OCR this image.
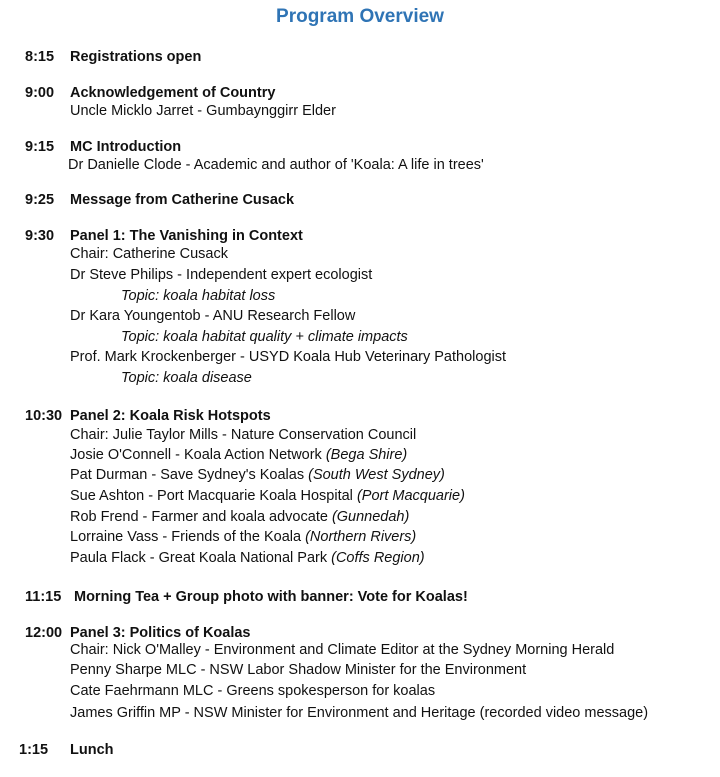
Program Overview
8:15 Registrations open
9:00 Acknowledgement of Country
Uncle Micklo Jarret - Gumbaynggirr Elder
9:15 MC Introduction
Dr Danielle Clode - Academic and author of 'Koala: A life in trees'
9:25 Message from Catherine Cusack
9:30 Panel 1: The Vanishing in Context
Chair: Catherine Cusack
Dr Steve Philips - Independent expert ecologist
Topic: koala habitat loss
Dr Kara Youngentob - ANU Research Fellow
Topic: koala habitat quality + climate impacts
Prof. Mark Krockenberger - USYD Koala Hub Veterinary Pathologist
Topic: koala disease
10:30 Panel 2: Koala Risk Hotspots
Chair: Julie Taylor Mills - Nature Conservation Council
Josie O'Connell - Koala Action Network (Bega Shire)
Pat Durman - Save Sydney's Koalas (South West Sydney)
Sue Ashton - Port Macquarie Koala Hospital (Port Macquarie)
Rob Frend - Farmer and koala advocate (Gunnedah)
Lorraine Vass - Friends of the Koala (Northern Rivers)
Paula Flack - Great Koala National Park (Coffs Region)
11:15 Morning Tea + Group photo with banner: Vote for Koalas!
12:00 Panel 3: Politics of Koalas
Chair: Nick O'Malley - Environment and Climate Editor at the Sydney Morning Herald
Penny Sharpe MLC - NSW Labor Shadow Minister for the Environment
Cate Faehrmann MLC - Greens spokesperson for koalas
James Griffin MP - NSW Minister for Environment and Heritage (recorded video message)
1:15 Lunch
